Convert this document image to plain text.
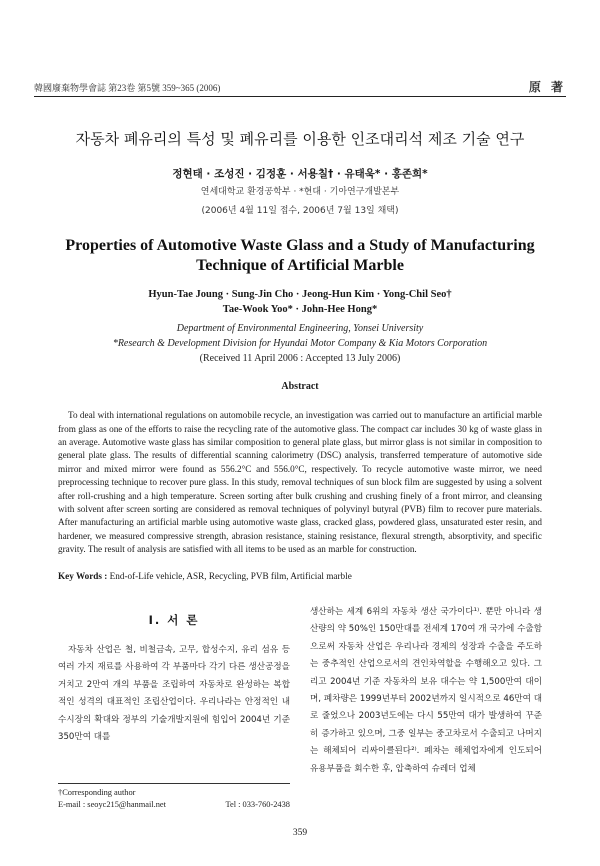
韓國廢棄物學會誌 第23卷 第5號 359~365 (2006)	原 著
자동차 폐유리의 특성 및 폐유리를 이용한 인조대리석 제조 기술 연구
정현태 · 조성진 · 김정훈 · 서용칠† · 유태욱* · 홍존희*
연세대학교 환경공학부 · *현대 · 기아연구개발본부
(2006년 4월 11일 접수, 2006년 7월 13일 채택)
Properties of Automotive Waste Glass and a Study of Manufacturing
Technique of Artificial Marble
Hyun-Tae Joung · Sung-Jin Cho · Jeong-Hun Kim · Yong-Chil Seo†
Tae-Wook Yoo* · John-Hee Hong*
Department of Environmental Engineering, Yonsei University
*Research & Development Division for Hyundai Motor Company & Kia Motors Corporation
(Received 11 April 2006 : Accepted 13 July 2006)
Abstract

To deal with international regulations on automobile recycle, an investigation was carried out to manufacture an artificial marble from glass as one of the efforts to raise the recycling rate of the automotive glass. The compact car includes 30 kg of waste glass in an average. Automotive waste glass has similar composition to general plate glass, but mirror glass is not similar in composition to general plate glass. The results of differential scanning calorimetry (DSC) analysis, transferred temperature of automotive side mirror and mixed mirror were found as 556.2°C and 556.0°C, respectively. To recycle automotive waste mirror, we need preprocessing technique to recover pure glass. In this study, removal techniques of sun block film are suggested by using a solvent after roll-crushing and a high temperature. Screen sorting after bulk crushing and crushing finely of a front mirror, and cleansing with solvent after screen sorting are considered as removal techniques of polyvinyl butyral (PVB) film to recover pure materials. After manufacturing an artificial marble using automotive waste glass, cracked glass, powdered glass, unsaturated ester resin, and hardener, we measured compressive strength, abrasion resistance, staining resistance, flexural strength, absorptivity, and specific gravity. The result of analysis are satisfied with all items to be used as an marble for construction.

Key Words : End-of-Life vehicle, ASR, Recycling, PVB film, Artificial marble
I. 서 론

자동차 산업은 철, 비철금속, 고무, 합성수지, 유리 섬유 등 여러 가지 재료를 사용하여 각 부품마다 각기 다른 생산공정을 거치고 2만여 개의 부품을 조립하여 자동차로 완성하는 복합적인 성격의 대표적인 조립산업이다. 우리나라는 안정적인 내수시장의 확대와 정부의 기술개발지원에 힘입어 2004년 기준 350만여 대를

생산하는 세계 6위의 자동차 생산 국가이다¹⁾. 뿐만 아니라 생산량의 약 50%인 150만대를 전세계 170여 개 국가에 수출함으로써 자동차 산업은 우리나라 경제의 성장과 수출을 주도하는 중추적인 산업으로서의 견인차역할을 수행해오고 있다. 그리고 2004년 기준 자동차의 보유 대수는 약 1,500만여 대이며, 폐차량은 1999년부터 2002년까지 일시적으로 46만여 대로 줄었으나 2003년도에는 다시 55만여 대가 발생하여 꾸준히 증가하고 있으며, 그중 일부는 중고차로서 수출되고 나머지는 해체되어 리싸이클된다²⁾. 폐차는 해체업자에게 인도되어 유용부품을 회수한 후, 압축하여 슈레더 업체

†Corresponding author
E-mail : seoyc215@hanmail.net	Tel : 033-760-2438
359
